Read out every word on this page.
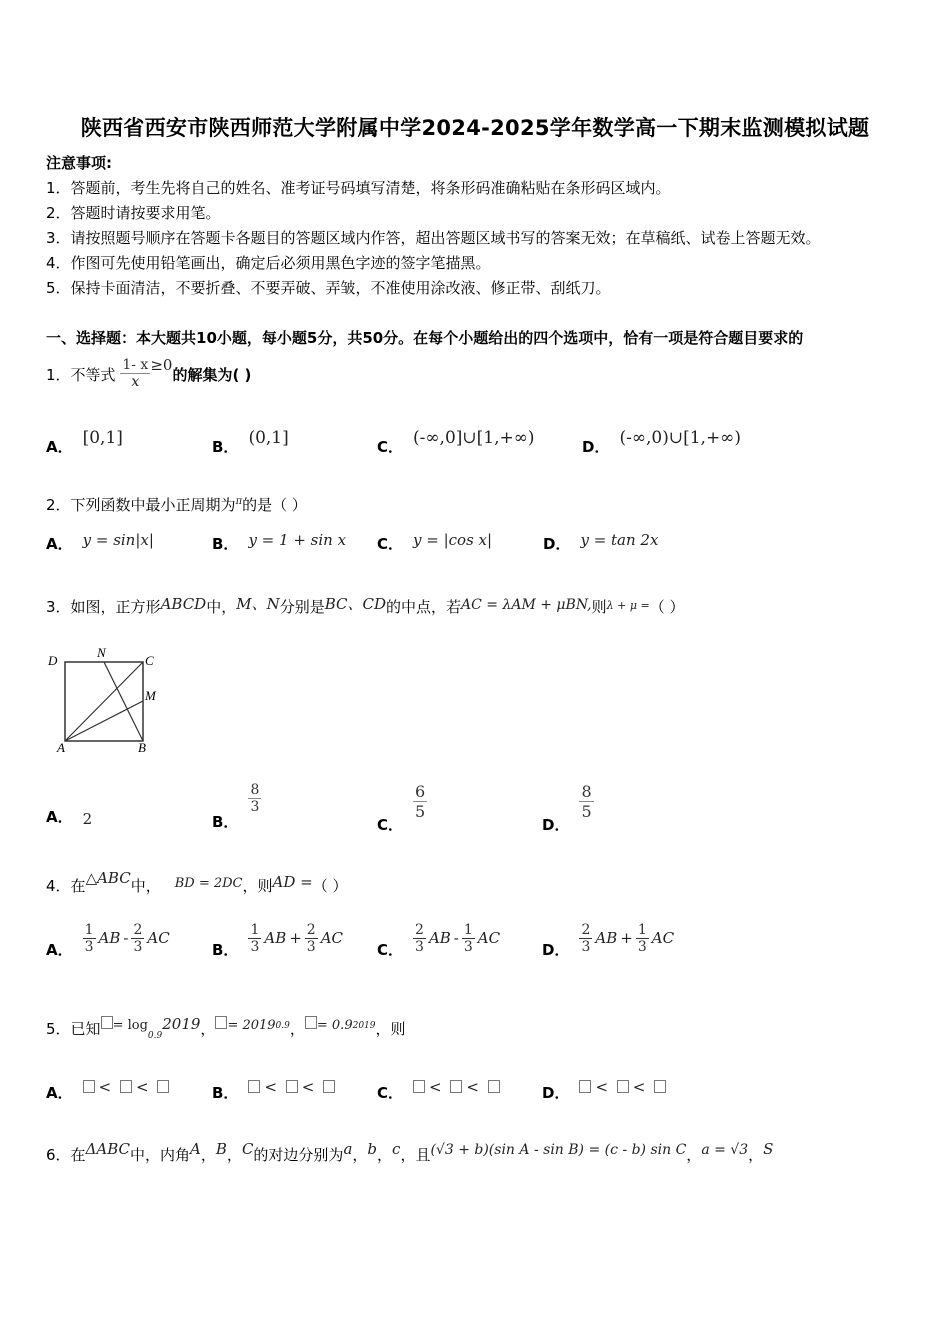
陕西省西安市陕西师范大学附属中学2024-2025学年数学高一下期末监测模拟试题
注意事项:
1．答题前，考生先将自己的姓名、准考证号码填写清楚，将条形码准确粘贴在条形码区域内。
2．答题时请按要求用笔。
3．请按照题号顺序在答题卡各题目的答题区域内作答，超出答题区域书写的答案无效；在草稿纸、试卷上答题无效。
4．作图可先使用铅笔画出，确定后必须用黑色字迹的签字笔描黑。
5．保持卡面清洁，不要折叠、不要弄破、弄皱，不准使用涂改液、修正带、刮纸刀。
一、选择题：本大题共10小题，每小题5分，共50分。在每个小题给出的四个选项中，恰有一项是符合题目要求的
1．不等式 $\frac{1- x}{x} \ge 0$的解集为( )
A． [0,1]	B． (0,1]	C． (-∞,0]∪[1,+∞)	D． (-∞,0)∪[1,+∞)
2．下列函数中最小正周期为$^\pi$的是（ ）
A． y = sin|x|	B． y = 1 + sin x C． y = |cos x|	D． y = tan 2x
3．如图，正方形ABCD中，M、N分别是BC、CD的中点，若AC = λAM + μBN,则$^{\lambda + \mu =}$（ ）
D
N
C
M
A	B
A． 2	B．
$\frac{8}{3}$
C．
$\frac{6}{5}$
D．
$\frac{8}{5}$
4．在△ABC中， BD = 2DC，则AD =（ ）
A． $\frac{1}{3}$ AB - $\frac{2}{3}$ AC
B． $\frac{1}{3}$ AB + $\frac{2}{3}$ AC
C． $\frac{2}{3}$ AB - $\frac{1}{3}$ AC
D． $\frac{2}{3}$ AB + $\frac{1}{3}$ AC
5．已知 = $\log_{0.9}2019$， = $2019^{0.9}$， = $0.9^{2019}$，则
A． < <	B． < <	C． < <	D． < <
6．在ΔABC中，内角A，B，C的对边分别为a，b，c，且(√3 + b)(sin A - sin B) = (c - b) sin C，a = √3，S
